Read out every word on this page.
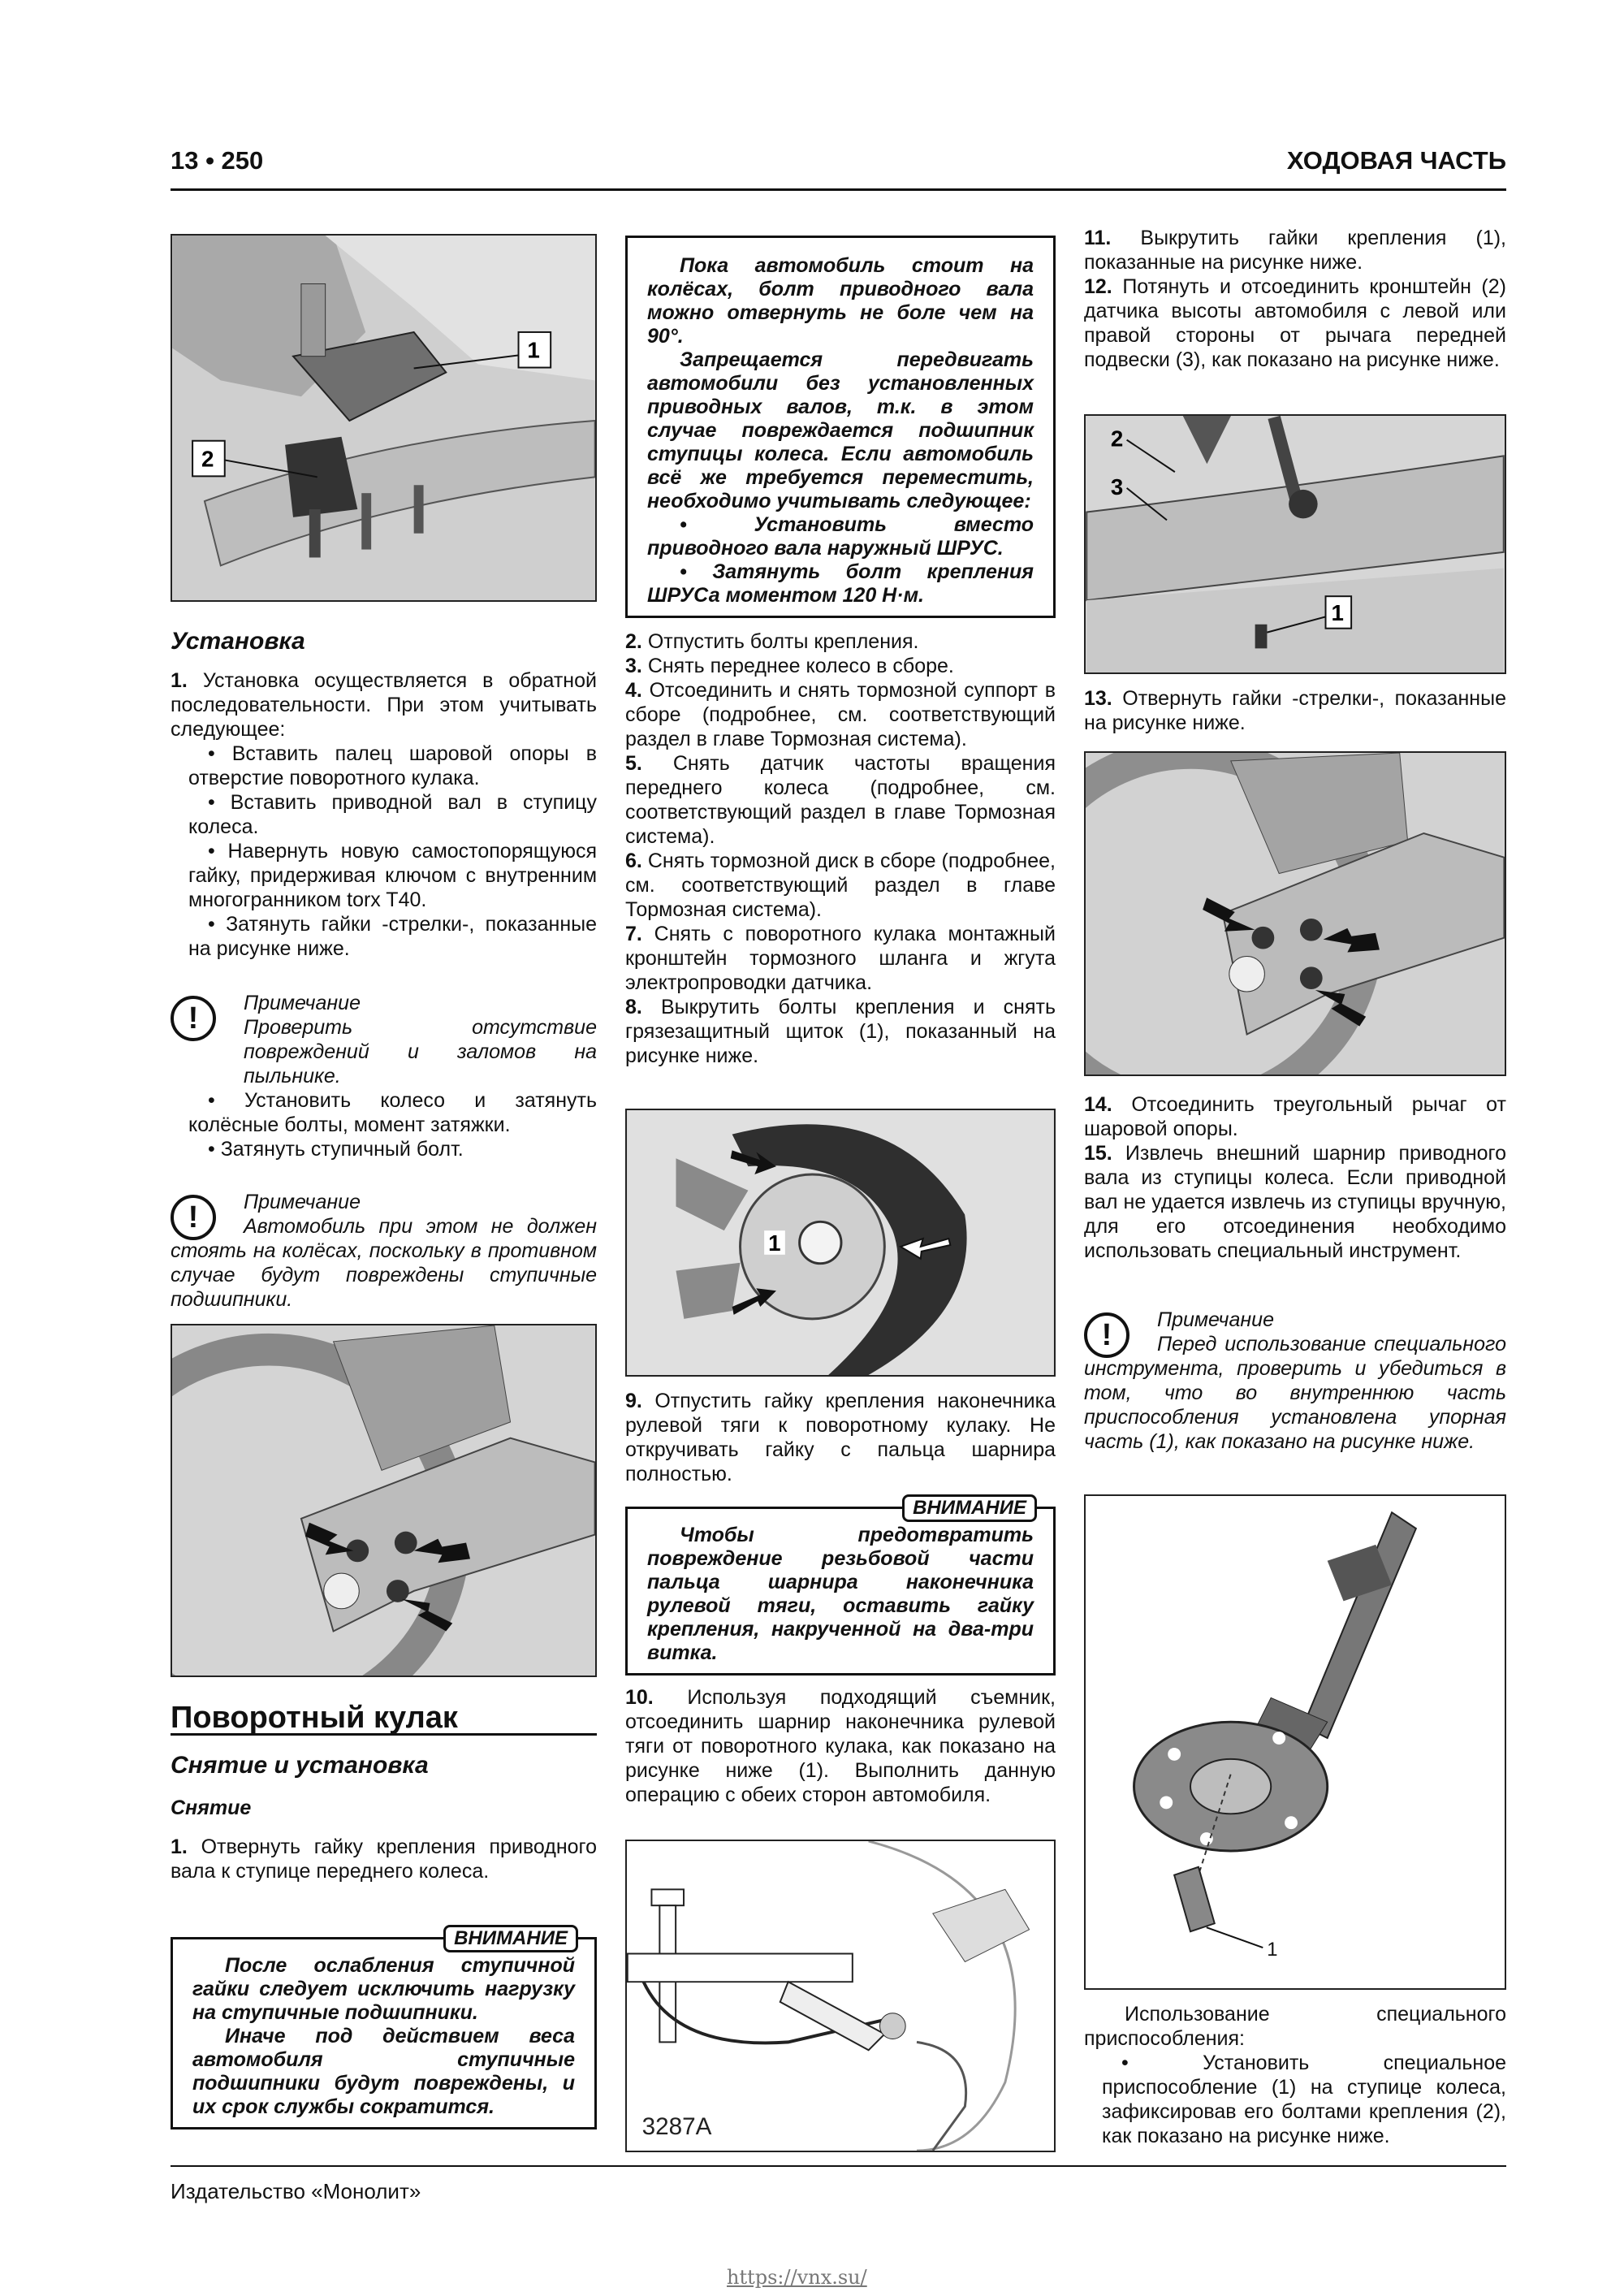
13 • 250	ХОДОВАЯ ЧАСТЬ
1
2

Установка

1. Установка осуществляется в обратной последовательности. При этом учитывать следующее:

• Вставить палец шаровой опоры в отверстие поворотного кулака.

• Вставить приводной вал в ступицу колеса.

• Навернуть новую самостопорящуюся гайку, придерживая ключом с внутренним многогранником torx T40.

• Затянуть гайки -стрелки-, показанные на рисунке ниже.

!	Примечание
Проверить отсутствие повреждений и заломов на пыльнике.

• Установить колесо и затянуть колёсные болты, момент затяжки.

• Затянуть ступичный болт.

!	Примечание
Автомобиль при этом не должен стоять на колёсах, поскольку в противном случае будут повреждены ступичные подшипники.

Поворотный кулак

Снятие и установка

Снятие

1. Отвернуть гайку крепления приводного вала к ступице переднего колеса.

ВНИМАНИЕ

После ослабления ступичной гайки следует исключить нагрузку на ступичные подшипники.

Иначе под действием веса автомобиля ступичные подшипники будут повреждены, и их срок службы сократится.

Пока автомобиль стоит на колёсах, болт приводного вала можно отвернуть не боле чем на 90°.

Запрещается передвигать автомобили без установленных приводных валов, т.к. в этом случае повреждается подшипник ступицы колеса. Если автомобиль всё же требуется переместить, необходимо учитывать следующее:

• Установить вместо приводного вала наружный ШРУС.

• Затянуть болт крепления ШРУСа моментом 120 Н·м.

2. Отпустить болты крепления.

3. Снять переднее колесо в сборе.

4. Отсоединить и снять тормозной суппорт в сборе (подробнее, см. соответствующий раздел в главе Тормозная система).

5. Снять датчик частоты вращения переднего колеса (подробнее, см. соответствующий раздел в главе Тормозная система).

6. Снять тормозной диск в сборе (подробнее, см. соответствующий раздел в главе Тормозная система).

7. Снять с поворотного кулака монтажный кронштейн тормозного шланга и жгута электропроводки датчика.

8. Выкрутить болты крепления и снять грязезащитный щиток (1), показанный на рисунке ниже.

1

9. Отпустить гайку крепления наконечника рулевой тяги к поворотному кулаку. Не откручивать гайку с пальца шарнира полностью.

ВНИМАНИЕ

Чтобы предотвратить повреждение резьбовой части пальца шарнира наконечника рулевой тяги, оставить гайку крепления, накрученной на два-три витка.

10. Используя подходящий съемник, отсоединить шарнир наконечника рулевой тяги от поворотного кулака, как показано на рисунке ниже (1). Выполнить данную операцию с обеих сторон автомобиля.

3287A

11. Выкрутить гайки крепления (1), показанные на рисунке ниже.

12. Потянуть и отсоединить кронштейн (2) датчика высоты автомобиля с левой или правой стороны от рычага передней подвески (3), как показано на рисунке ниже.

2
3
1

13. Отвернуть гайки -стрелки-, показанные на рисунке ниже.

14. Отсоединить треугольный рычаг от шаровой опоры.

15. Извлечь внешний шарнир приводного вала из ступицы колеса. Если приводной вал не удается извлечь из ступицы вручную, для его отсоединения необходимо использовать специальный инструмент.

!	Примечание
Перед использование специального инструмента, проверить и убедиться в том, что во внутреннюю часть приспособления установлена упорная часть (1), как показано на рисунке ниже.
1

Использование специального приспособления:

• Установить специальное приспособление (1) на ступице колеса, зафиксировав его болтами крепления (2), как показано на рисунке ниже.

Издательство «Монолит»
https://vnx.su/
